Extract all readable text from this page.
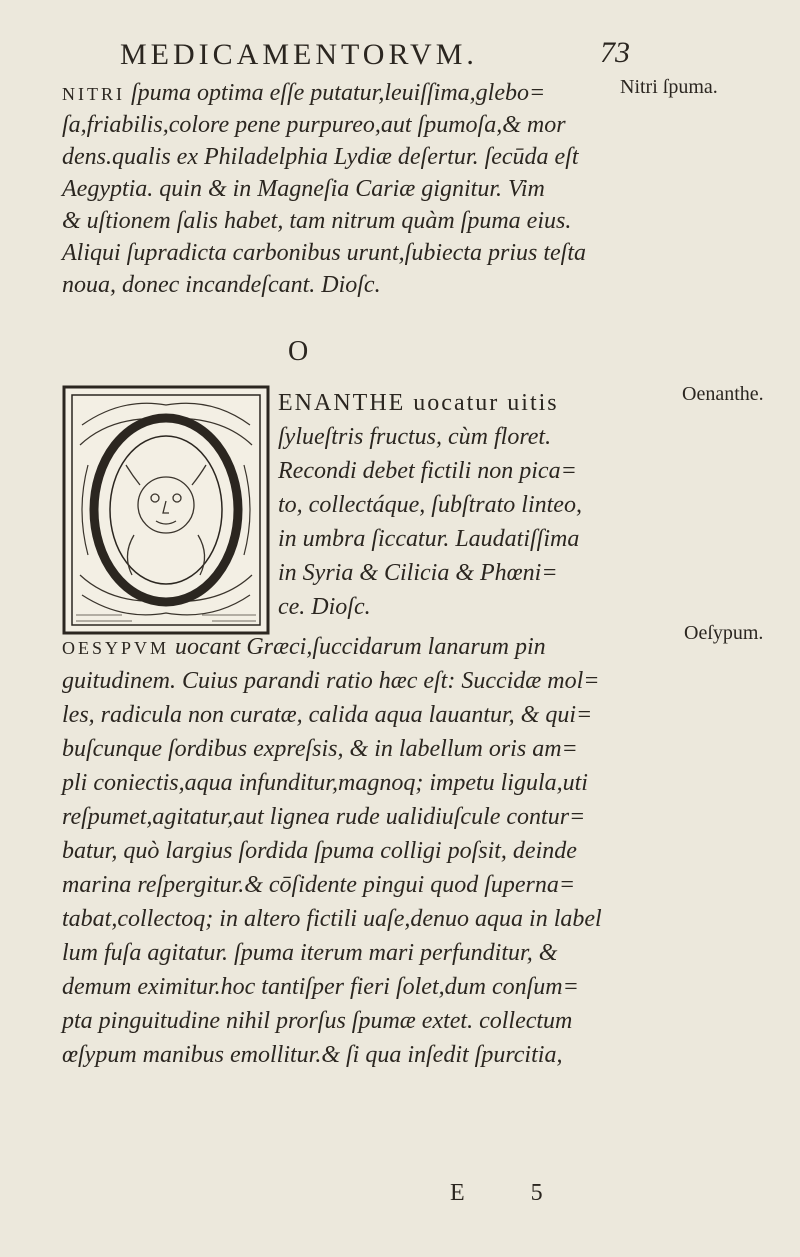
MEDICAMENTORVM.	73
NITRI ſpuma optima eſſe putatur,leuiſſima,glebo=	Nitri ſpuma.
ſa,friabilis,colore pene purpureo,aut ſpumoſa,& mor
dens.qualis ex Philadelphia Lydiæ deſertur. ſecūda eſt
Aegyptia. quin & in Magneſia Cariæ gignitur. Vim
& uſtionem ſalis habet, tam nitrum quàm ſpuma eius.
Aliqui ſupradicta carbonibus urunt,ſubiecta prius teſta
noua, donec incandeſcant. Dioſc.
O
ENANTHE uocatur uitis	Oenanthe.
ſylueſtris fructus, cùm floret.
Recondi debet fictili non pica=
to, collectáque, ſubſtrato linteo,
in umbra ſiccatur. Laudatiſſima
in Syria & Cilicia & Phœni=
ce. Dioſc.
OESYPVM uocant Græci,ſuccidarum lanarum pin
Oeſypum.
guitudinem. Cuius parandi ratio hæc eſt: Succidæ mol=
les, radicula non curatæ, calida aqua lauantur, & qui=
buſcunque ſordibus expreſsis, & in labellum oris am=
pli coniectis,aqua infunditur,magnoq; impetu ligula,uti
reſpumet,agitatur,aut lignea rude ualidiuſcule contur=
batur, quò largius ſordida ſpuma colligi poſsit, deinde
marina reſpergitur.& cōſidente pingui quod ſuperna=
tabat,collectoq; in altero fictili uaſe,denuo aqua in label
lum fuſa agitatur. ſpuma iterum mari perfunditur, &
demum eximitur.hoc tantiſper fieri ſolet,dum conſum=
pta pinguitudine nihil prorſus ſpumæ extet. collectum
œſypum manibus emollitur.& ſi qua inſedit ſpurcitia,
E 5
